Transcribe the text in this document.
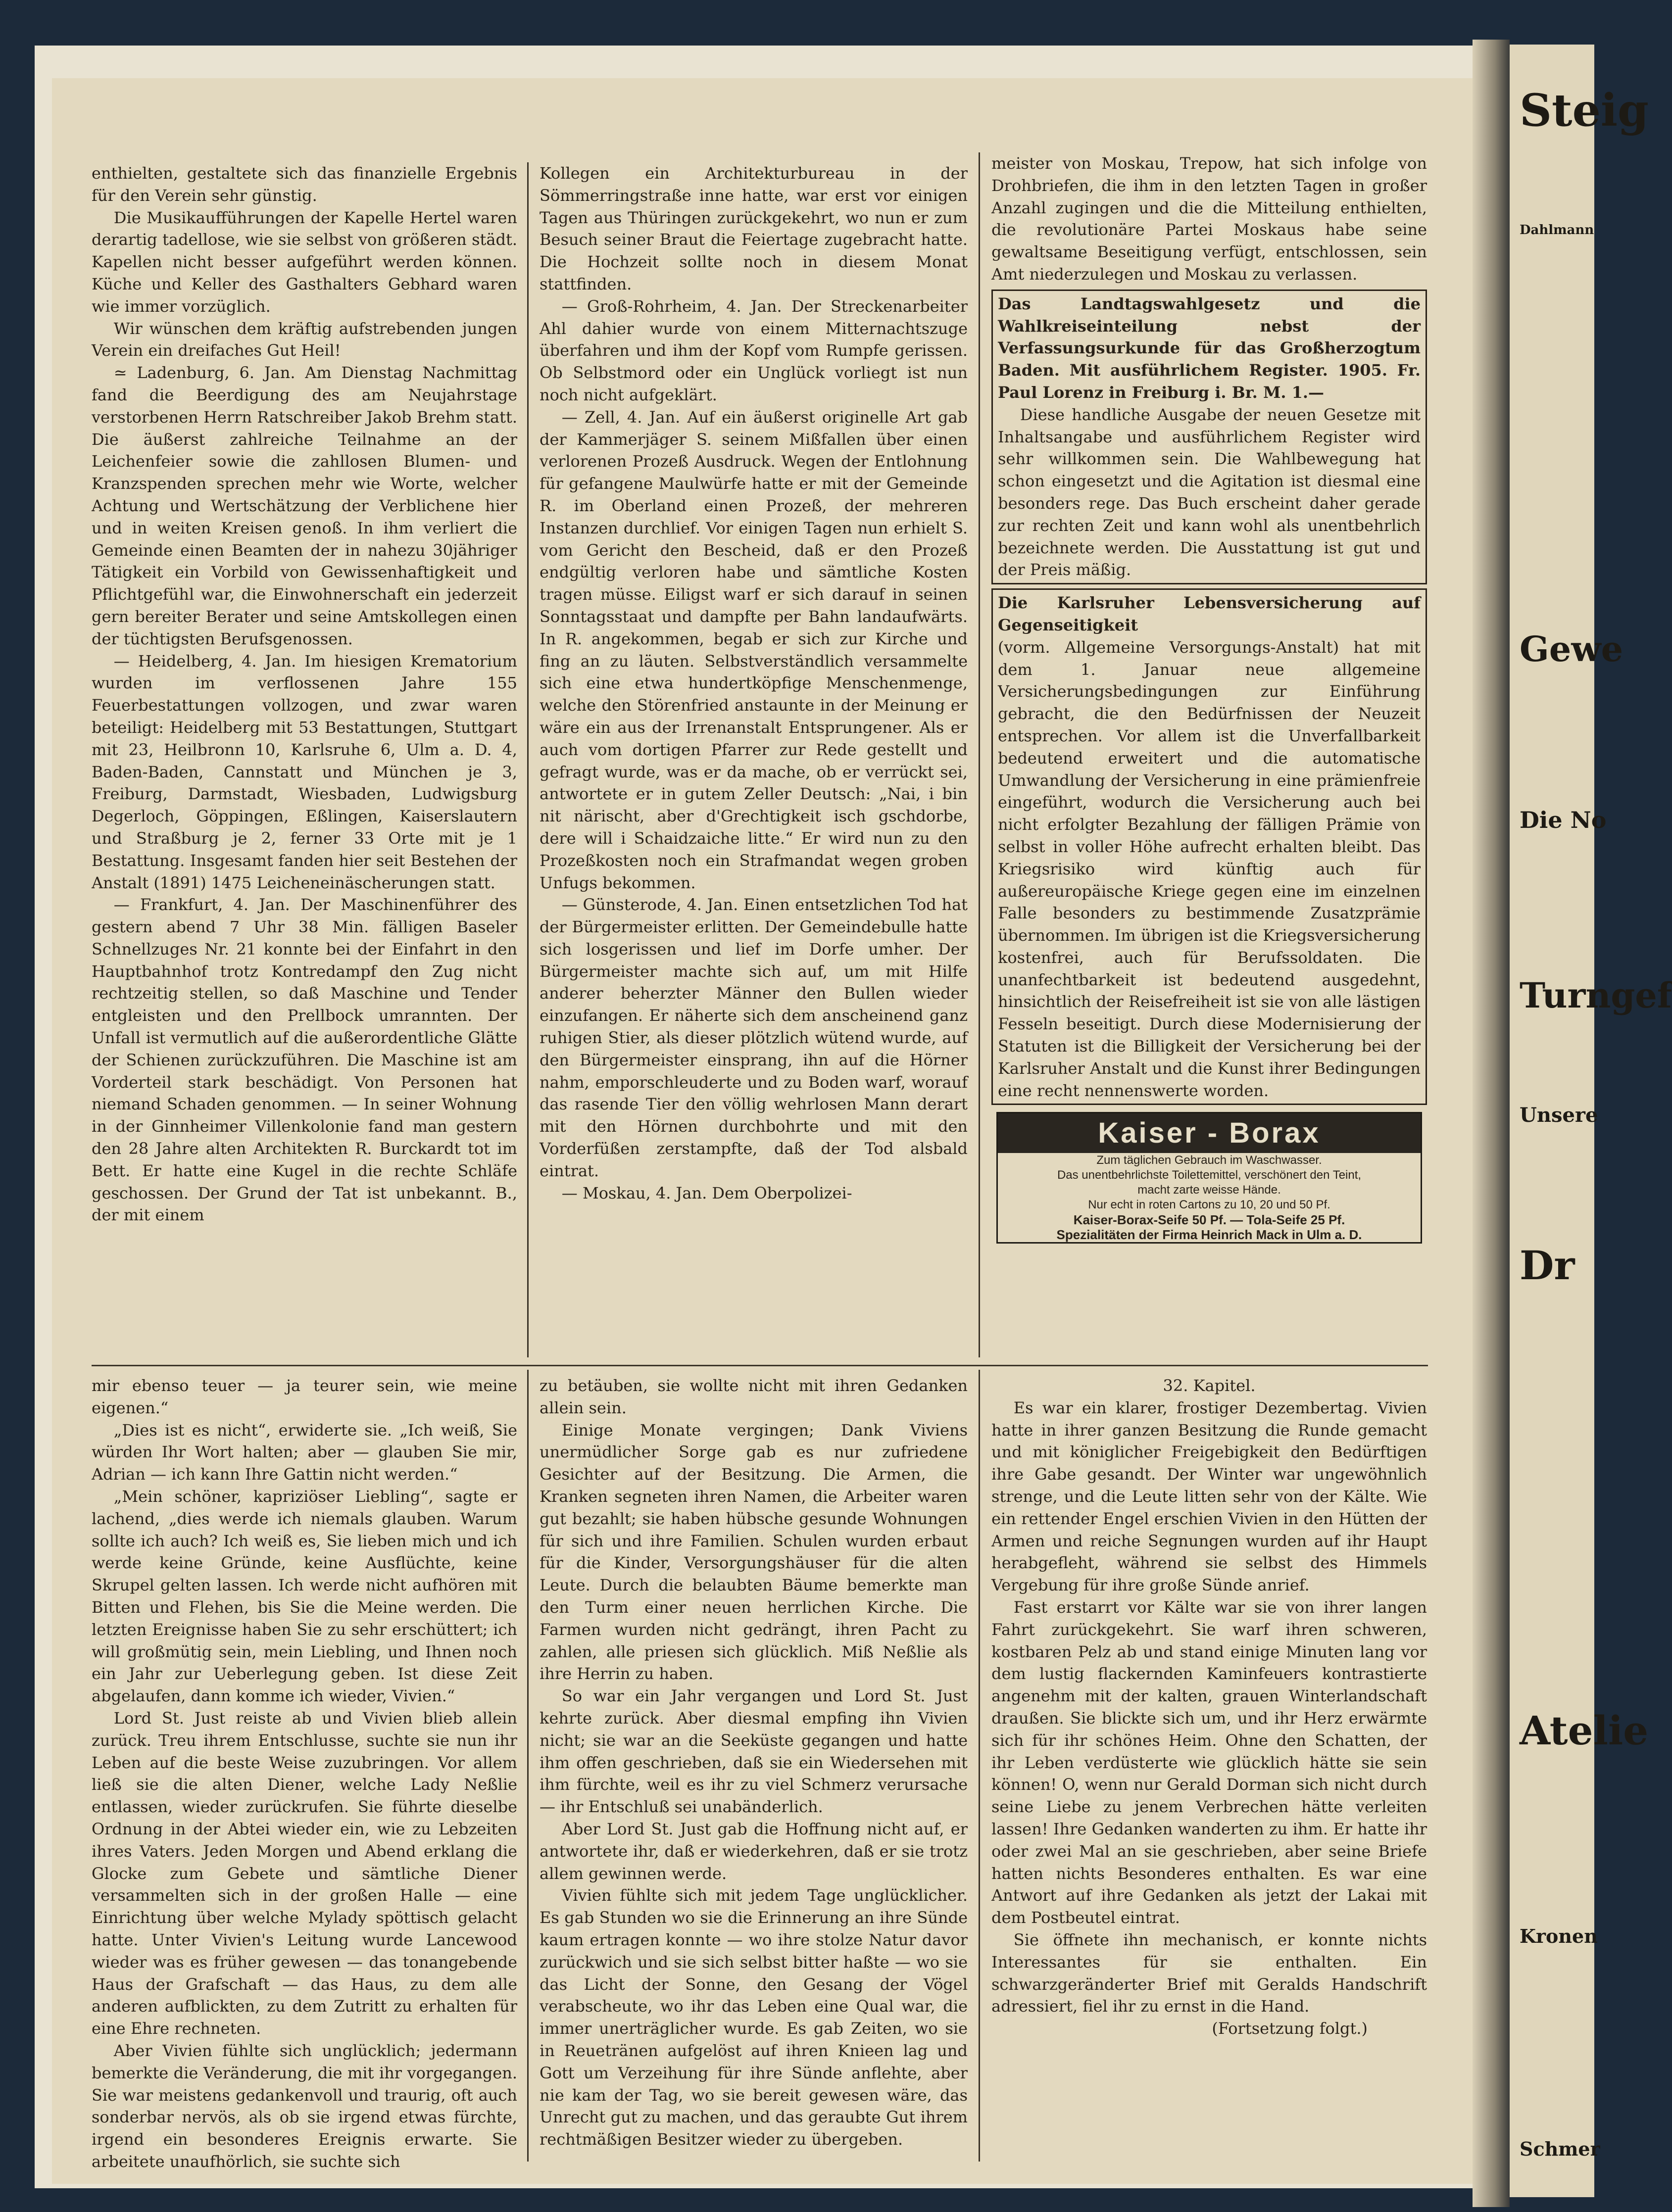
enthielten, gestaltete sich das finanzielle Ergebnis für den Verein sehr günstig.

Die Musikaufführungen der Kapelle Hertel waren derartig tadellose, wie sie selbst von größeren städt. Kapellen nicht besser aufgeführt werden können. Küche und Keller des Gasthalters Gebhard waren wie immer vorzüglich.

Wir wünschen dem kräftig aufstrebenden jungen Verein ein dreifaches Gut Heil!

≃ Ladenburg, 6. Jan. Am Dienstag Nachmittag fand die Beerdigung des am Neujahrstage verstorbenen Herrn Ratschreiber Jakob Brehm statt. Die äußerst zahlreiche Teilnahme an der Leichenfeier sowie die zahllosen Blumen- und Kranzspenden sprechen mehr wie Worte, welcher Achtung und Wertschätzung der Verblichene hier und in weiten Kreisen genoß. In ihm verliert die Gemeinde einen Beamten der in nahezu 30jähriger Tätigkeit ein Vorbild von Gewissenhaftigkeit und Pflichtgefühl war, die Einwohnerschaft ein jederzeit gern bereiter Berater und seine Amtskollegen einen der tüchtigsten Berufsgenossen.

— Heidelberg, 4. Jan. Im hiesigen Krematorium wurden im verflossenen Jahre 155 Feuerbestattungen vollzogen, und zwar waren beteiligt: Heidelberg mit 53 Bestattungen, Stuttgart mit 23, Heilbronn 10, Karlsruhe 6, Ulm a. D. 4, Baden-Baden, Cannstatt und München je 3, Freiburg, Darmstadt, Wiesbaden, Ludwigsburg Degerloch, Göppingen, Eßlingen, Kaiserslautern und Straßburg je 2, ferner 33 Orte mit je 1 Bestattung. Insgesamt fanden hier seit Bestehen der Anstalt (1891) 1475 Leicheneinäscherungen statt.

— Frankfurt, 4. Jan. Der Maschinenführer des gestern abend 7 Uhr 38 Min. fälligen Baseler Schnellzuges Nr. 21 konnte bei der Einfahrt in den Hauptbahnhof trotz Kontredampf den Zug nicht rechtzeitig stellen, so daß Maschine und Tender entgleisten und den Prellbock umrannten. Der Unfall ist vermutlich auf die außerordentliche Glätte der Schienen zurückzuführen. Die Maschine ist am Vorderteil stark beschädigt. Von Personen hat niemand Schaden genommen. — In seiner Wohnung in der Ginnheimer Villenkolonie fand man gestern den 28 Jahre alten Architekten R. Burckardt tot im Bett. Er hatte eine Kugel in die rechte Schläfe geschossen. Der Grund der Tat ist unbekannt. B., der mit einem

Kollegen ein Architekturbureau in der Sömmerringstraße inne hatte, war erst vor einigen Tagen aus Thüringen zurückgekehrt, wo nun er zum Besuch seiner Braut die Feiertage zugebracht hatte. Die Hochzeit sollte noch in diesem Monat stattfinden.

— Groß-Rohrheim, 4. Jan. Der Streckenarbeiter Ahl dahier wurde von einem Mitternachtszuge überfahren und ihm der Kopf vom Rumpfe gerissen. Ob Selbstmord oder ein Unglück vorliegt ist nun noch nicht aufgeklärt.

— Zell, 4. Jan. Auf ein äußerst originelle Art gab der Kammerjäger S. seinem Mißfallen über einen verlorenen Prozeß Ausdruck. Wegen der Entlohnung für gefangene Maulwürfe hatte er mit der Gemeinde R. im Oberland einen Prozeß, der mehreren Instanzen durchlief. Vor einigen Tagen nun erhielt S. vom Gericht den Bescheid, daß er den Prozeß endgültig verloren habe und sämtliche Kosten tragen müsse. Eiligst warf er sich darauf in seinen Sonntagsstaat und dampfte per Bahn landaufwärts. In R. angekommen, begab er sich zur Kirche und fing an zu läuten. Selbstverständlich versammelte sich eine etwa hundertköpfige Menschenmenge, welche den Störenfried anstaunte in der Meinung er wäre ein aus der Irrenanstalt Entsprungener. Als er auch vom dortigen Pfarrer zur Rede gestellt und gefragt wurde, was er da mache, ob er verrückt sei, antwortete er in gutem Zeller Deutsch: „Nai, i bin nit närischt, aber d'Grechtigkeit isch gschdorbe, dere will i Schaidzaiche litte.“ Er wird nun zu den Prozeßkosten noch ein Strafmandat wegen groben Unfugs bekommen.

— Günsterode, 4. Jan. Einen entsetzlichen Tod hat der Bürgermeister erlitten. Der Gemeindebulle hatte sich losgerissen und lief im Dorfe umher. Der Bürgermeister machte sich auf, um mit Hilfe anderer beherzter Männer den Bullen wieder einzufangen. Er näherte sich dem anscheinend ganz ruhigen Stier, als dieser plötzlich wütend wurde, auf den Bürgermeister einsprang, ihn auf die Hörner nahm, emporschleuderte und zu Boden warf, worauf das rasende Tier den völlig wehrlosen Mann derart mit den Hörnen durchbohrte und mit den Vorderfüßen zerstampfte, daß der Tod alsbald eintrat.

— Moskau, 4. Jan. Dem Oberpolizei-

meister von Moskau, Trepow, hat sich infolge von Drohbriefen, die ihm in den letzten Tagen in großer Anzahl zugingen und die die Mitteilung enthielten, die revolutionäre Partei Moskaus habe seine gewaltsame Beseitigung verfügt, entschlossen, sein Amt niederzulegen und Moskau zu verlassen.

Das Landtagswahlgesetz und die Wahlkreiseinteilung nebst der Verfassungsurkunde für das Großherzogtum Baden. Mit ausführlichem Register. 1905. Fr. Paul Lorenz in Freiburg i. Br. M. 1.—

Diese handliche Ausgabe der neuen Gesetze mit Inhaltsangabe und ausführlichem Register wird sehr willkommen sein. Die Wahlbewegung hat schon eingesetzt und die Agitation ist diesmal eine besonders rege. Das Buch erscheint daher gerade zur rechten Zeit und kann wohl als unentbehrlich bezeichnete werden. Die Ausstattung ist gut und der Preis mäßig.

Die Karlsruher Lebensversicherung auf Gegenseitigkeit

(vorm. Allgemeine Versorgungs-Anstalt) hat mit dem 1. Januar neue allgemeine Versicherungsbedingungen zur Einführung gebracht, die den Bedürfnissen der Neuzeit entsprechen. Vor allem ist die Unverfallbarkeit bedeutend erweitert und die automatische Umwandlung der Versicherung in eine prämienfreie eingeführt, wodurch die Versicherung auch bei nicht erfolgter Bezahlung der fälligen Prämie von selbst in voller Höhe aufrecht erhalten bleibt. Das Kriegsrisiko wird künftig auch für außereuropäische Kriege gegen eine im einzelnen Falle besonders zu bestimmende Zusatzprämie übernommen. Im übrigen ist die Kriegsversicherung kostenfrei, auch für Berufssoldaten. Die unanfechtbarkeit ist bedeutend ausgedehnt, hinsichtlich der Reisefreiheit ist sie von alle lästigen Fesseln beseitigt. Durch diese Modernisierung der Statuten ist die Billigkeit der Versicherung bei der Karlsruher Anstalt und die Kunst ihrer Bedingungen eine recht nennenswerte worden.

Kaiser - Borax
Zum täglichen Gebrauch im Waschwasser.
Das unentbehrlichste Toilettemittel, verschönert den Teint,
macht zarte weisse Hände.
Nur echt in roten Cartons zu 10, 20 und 50 Pf.
Kaiser-Borax-Seife 50 Pf. — Tola-Seife 25 Pf.
Spezialitäten der Firma Heinrich Mack in Ulm a. D.

mir ebenso teuer — ja teurer sein, wie meine eigenen.“

„Dies ist es nicht“, erwiderte sie. „Ich weiß, Sie würden Ihr Wort halten; aber — glauben Sie mir, Adrian — ich kann Ihre Gattin nicht werden.“

„Mein schöner, kapriziöser Liebling“, sagte er lachend, „dies werde ich niemals glauben. Warum sollte ich auch? Ich weiß es, Sie lieben mich und ich werde keine Gründe, keine Ausflüchte, keine Skrupel gelten lassen. Ich werde nicht aufhören mit Bitten und Flehen, bis Sie die Meine werden. Die letzten Ereignisse haben Sie zu sehr erschüttert; ich will großmütig sein, mein Liebling, und Ihnen noch ein Jahr zur Ueberlegung geben. Ist diese Zeit abgelaufen, dann komme ich wieder, Vivien.“

Lord St. Just reiste ab und Vivien blieb allein zurück. Treu ihrem Entschlusse, suchte sie nun ihr Leben auf die beste Weise zuzubringen. Vor allem ließ sie die alten Diener, welche Lady Neßlie entlassen, wieder zurückrufen. Sie führte dieselbe Ordnung in der Abtei wieder ein, wie zu Lebzeiten ihres Vaters. Jeden Morgen und Abend erklang die Glocke zum Gebete und sämtliche Diener versammelten sich in der großen Halle — eine Einrichtung über welche Mylady spöttisch gelacht hatte. Unter Vivien's Leitung wurde Lancewood wieder was es früher gewesen — das tonangebende Haus der Grafschaft — das Haus, zu dem alle anderen aufblickten, zu dem Zutritt zu erhalten für eine Ehre rechneten.

Aber Vivien fühlte sich unglücklich; jedermann bemerkte die Veränderung, die mit ihr vorgegangen. Sie war meistens gedankenvoll und traurig, oft auch sonderbar nervös, als ob sie irgend etwas fürchte, irgend ein besonderes Ereignis erwarte. Sie arbeitete unaufhörlich, sie suchte sich

zu betäuben, sie wollte nicht mit ihren Gedanken allein sein.

Einige Monate vergingen; Dank Viviens unermüdlicher Sorge gab es nur zufriedene Gesichter auf der Besitzung. Die Armen, die Kranken segneten ihren Namen, die Arbeiter waren gut bezahlt; sie haben hübsche gesunde Wohnungen für sich und ihre Familien. Schulen wurden erbaut für die Kinder, Versorgungshäuser für die alten Leute. Durch die belaubten Bäume bemerkte man den Turm einer neuen herrlichen Kirche. Die Farmen wurden nicht gedrängt, ihren Pacht zu zahlen, alle priesen sich glücklich. Miß Neßlie als ihre Herrin zu haben.

So war ein Jahr vergangen und Lord St. Just kehrte zurück. Aber diesmal empfing ihn Vivien nicht; sie war an die Seeküste gegangen und hatte ihm offen geschrieben, daß sie ein Wiedersehen mit ihm fürchte, weil es ihr zu viel Schmerz verursache — ihr Entschluß sei unabänderlich.

Aber Lord St. Just gab die Hoffnung nicht auf, er antwortete ihr, daß er wiederkehren, daß er sie trotz allem gewinnen werde.

Vivien fühlte sich mit jedem Tage unglücklicher. Es gab Stunden wo sie die Erinnerung an ihre Sünde kaum ertragen konnte — wo ihre stolze Natur davor zurückwich und sie sich selbst bitter haßte — wo sie das Licht der Sonne, den Gesang der Vögel verabscheute, wo ihr das Leben eine Qual war, die immer unerträglicher wurde. Es gab Zeiten, wo sie in Reuetränen aufgelöst auf ihren Knieen lag und Gott um Verzeihung für ihre Sünde anflehte, aber nie kam der Tag, wo sie bereit gewesen wäre, das Unrecht gut zu machen, und das geraubte Gut ihrem rechtmäßigen Besitzer wieder zu übergeben.

32. Kapitel.

Es war ein klarer, frostiger Dezembertag. Vivien hatte in ihrer ganzen Besitzung die Runde gemacht und mit königlicher Freigebigkeit den Bedürftigen ihre Gabe gesandt. Der Winter war ungewöhnlich strenge, und die Leute litten sehr von der Kälte. Wie ein rettender Engel erschien Vivien in den Hütten der Armen und reiche Segnungen wurden auf ihr Haupt herabgefleht, während sie selbst des Himmels Vergebung für ihre große Sünde anrief.

Fast erstarrt vor Kälte war sie von ihrer langen Fahrt zurückgekehrt. Sie warf ihren schweren, kostbaren Pelz ab und stand einige Minuten lang vor dem lustig flackernden Kaminfeuers kontrastierte angenehm mit der kalten, grauen Winterlandschaft draußen. Sie blickte sich um, und ihr Herz erwärmte sich für ihr schönes Heim. Ohne den Schatten, der ihr Leben verdüsterte wie glücklich hätte sie sein können! O, wenn nur Gerald Dorman sich nicht durch seine Liebe zu jenem Verbrechen hätte verleiten lassen! Ihre Gedanken wanderten zu ihm. Er hatte ihr oder zwei Mal an sie geschrieben, aber seine Briefe hatten nichts Besonderes enthalten. Es war eine Antwort auf ihre Gedanken als jetzt der Lakai mit dem Postbeutel eintrat.

Sie öffnete ihn mechanisch, er konnte nichts Interessantes für sie enthalten. Ein schwarzgeränderter Brief mit Geralds Handschrift adressiert, fiel ihr zu ernst in die Hand.

(Fortsetzung folgt.)

Steig
Dahlmann
Gewe
Die No
Turngef
Unsere
Dr
Atelie
Kronen
Schmer
